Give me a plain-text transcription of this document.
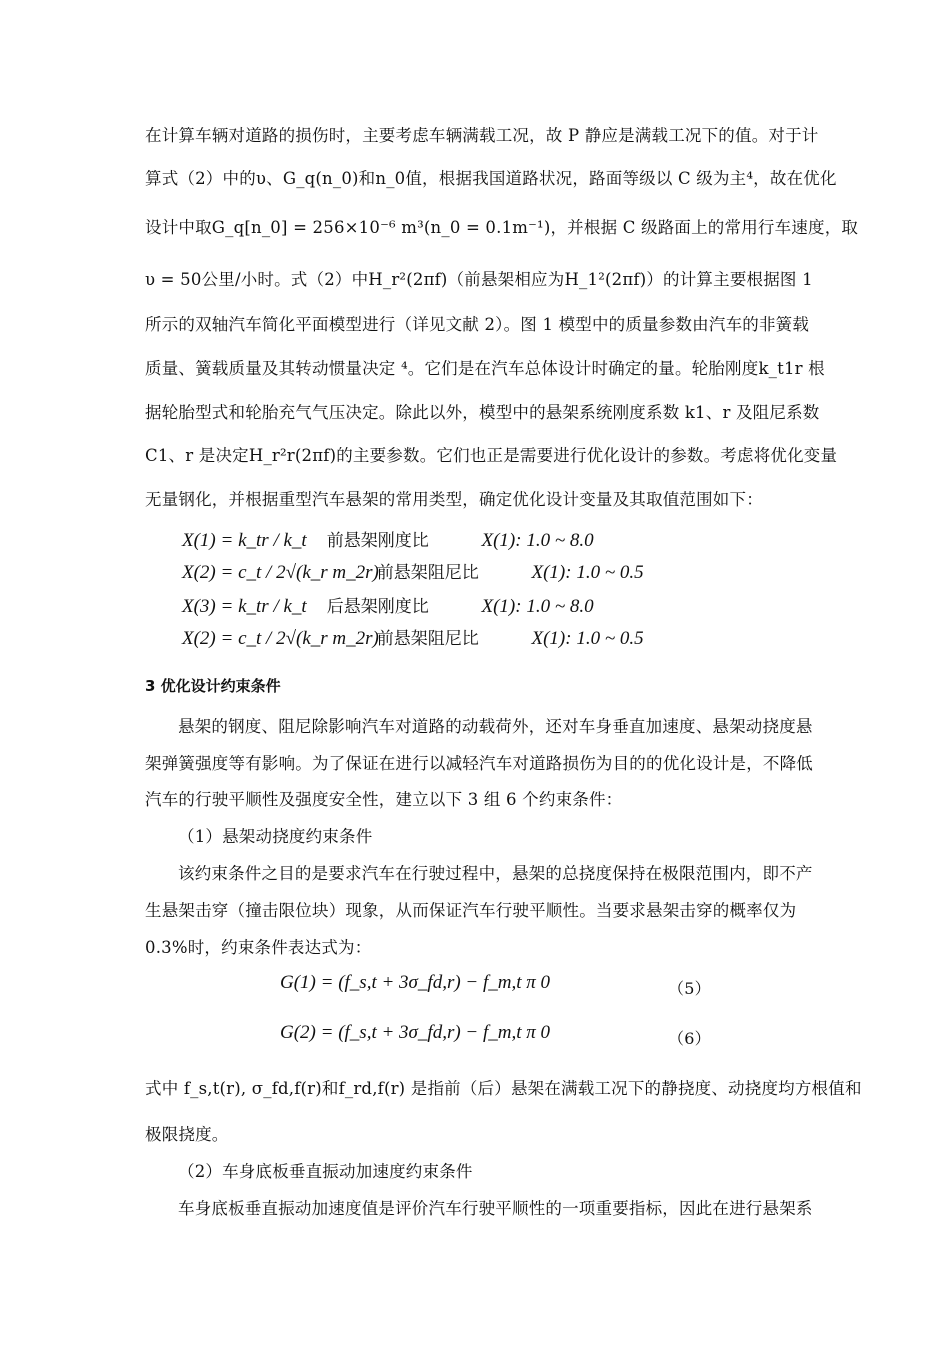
在计算车辆对道路的损伤时，主要考虑车辆满载工况，故 P 静应是满载工况下的值。对于计
算式（2）中的υ、G_q(n_0)和n_0值，根据我国道路状况，路面等级以 C 级为主⁴，故在优化
设计中取G_q[n_0] = 256×10⁻⁶ m³(n_0 = 0.1m⁻¹)，并根据 C 级路面上的常用行车速度，取
υ = 50公里/小时。式（2）中H_r²(2πf)（前悬架相应为H_1²(2πf)）的计算主要根据图 1
所示的双轴汽车简化平面模型进行（详见文献 2）。图 1 模型中的质量参数由汽车的非簧载
质量、簧载质量及其转动惯量决定 ⁴。它们是在汽车总体设计时确定的量。轮胎刚度k_t1r 根
据轮胎型式和轮胎充气气压决定。除此以外，模型中的悬架系统刚度系数 k1、r 及阻尼系数
C1、r 是决定H_r²r(2πf)的主要参数。它们也正是需要进行优化设计的参数。考虑将优化变量
无量钢化，并根据重型汽车悬架的常用类型，确定优化设计变量及其取值范围如下：
X(1) = k_tr / k_t 前悬架刚度比	X(1): 1.0 ~ 8.0
X(2) = c_t / 2√(k_r m_2r) 前悬架阻尼比	X(1): 1.0 ~ 0.5
X(3) = k_tr / k_t 后悬架刚度比	X(1): 1.0 ~ 8.0
X(2) = c_t / 2√(k_r m_2r) 前悬架阻尼比	X(1): 1.0 ~ 0.5
3 优化设计约束条件
悬架的钢度、阻尼除影响汽车对道路的动载荷外，还对车身垂直加速度、悬架动挠度悬
架弹簧强度等有影响。为了保证在进行以减轻汽车对道路损伤为目的的优化设计是，不降低
汽车的行驶平顺性及强度安全性，建立以下 3 组 6 个约束条件：
（1）悬架动挠度约束条件
该约束条件之目的是要求汽车在行驶过程中，悬架的总挠度保持在极限范围内，即不产
生悬架击穿（撞击限位块）现象，从而保证汽车行驶平顺性。当要求悬架击穿的概率仅为
0.3%时，约束条件表达式为：
G(1) = (f_s,t + 3σ_fd,r) − f_m,t π 0	（5）
G(2) = (f_s,t + 3σ_fd,r) − f_m,t π 0	（6）
式中 f_s,t(r), σ_fd,f(r)和f_rd,f(r) 是指前（后）悬架在满载工况下的静挠度、动挠度均方根值和
极限挠度。
（2）车身底板垂直振动加速度约束条件
车身底板垂直振动加速度值是评价汽车行驶平顺性的一项重要指标，因此在进行悬架系
